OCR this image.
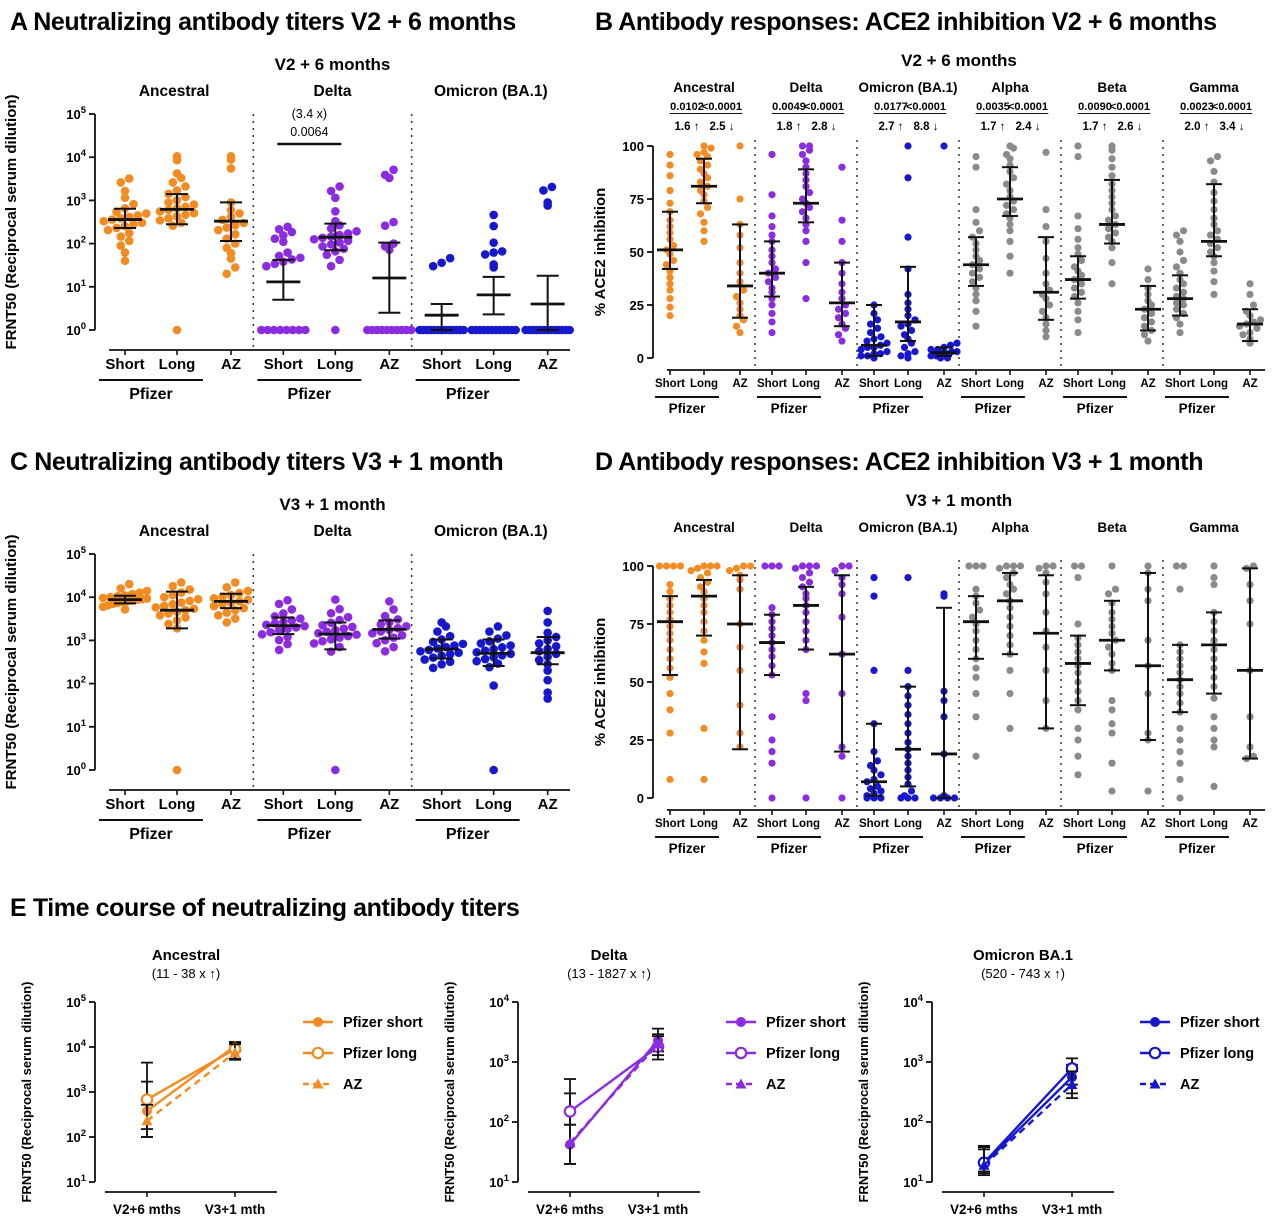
A Neutralizing antibody titers V2 + 6 months
V2 + 6 months
FRNT50 (Reciprocal serum dilution)	$10^0$
$10^1$
$10^2$
$10^3$
$10^4$
$10^5$
Short Long AZ
Pfizer
Short Long AZ
Pfizer
Short Long AZ
Pfizer
Ancestral	Delta	Omicron (BA.1)
(3.4 x)
0.0064
B Antibody responses: ACE2 inhibition V2 + 6 months
V2 + 6 months
% ACE2 inhibition
0
25
50
75
100
Short Long AZ
Pfizer
Short Long AZ
Pfizer
Short Long AZ
Pfizer
Short Long AZ
Pfizer
Short Long AZ
Pfizer
Short Long AZ
Pfizer
Ancestral
0.0102
<0.0001
1.6 ↑ 2.5 ↓
Delta
0.0049
<0.0001
1.8 ↑ 2.8 ↓
Omicron (BA.1)
0.0177
<0.0001
2.7 ↑ 8.8 ↓
Alpha
0.0035
<0.0001
1.7 ↑ 2.4 ↓
Beta
0.0090
<0.0001
1.7 ↑ 2.6 ↓
Gamma
0.0023
<0.0001
2.0 ↑ 3.4 ↓
C Neutralizing antibody titers V3 + 1 month
V3 + 1 month
FRNT50 (Reciprocal serum dilution)	$10^0$
$10^1$
$10^2$
$10^3$
$10^4$
$10^5$
Short Long AZ
Pfizer
Short Long AZ
Pfizer
Short Long AZ
Pfizer
Ancestral	Delta	Omicron (BA.1)
D Antibody responses: ACE2 inhibition V3 + 1 month
V3 + 1 month
% ACE2 inhibition
0
25
50
75
100
Short Long AZ
Pfizer
Short Long AZ
Pfizer
Short Long AZ
Pfizer
Short Long AZ
Pfizer
Short Long AZ
Pfizer
Short Long AZ
Pfizer
Ancestral	Delta	Omicron (BA.1) Alpha	Beta	Gamma
E Time course of neutralizing antibody titers
Ancestral
(11 - 38 x ↑)
FRNT50 (Reciprocal serum dilution) $10^1$
$10^2$
$10^3$
$10^4$
$10^5$
V2+6 mths V3+1 mth
Pfizer short
Pfizer long
AZ
Delta
(13 - 1827 x ↑)
FRNT50 (Reciprocal serum dilution) $10^1$
$10^2$
$10^3$
$10^4$
V2+6 mths V3+1 mth
Pfizer short
Pfizer long
AZ
Omicron BA.1
(520 - 743 x ↑)
FRNT50 (Reciprocal serum dilution) $10^1$
$10^2$
$10^3$
$10^4$
V2+6 mths V3+1 mth
Pfizer short
Pfizer long
AZ
